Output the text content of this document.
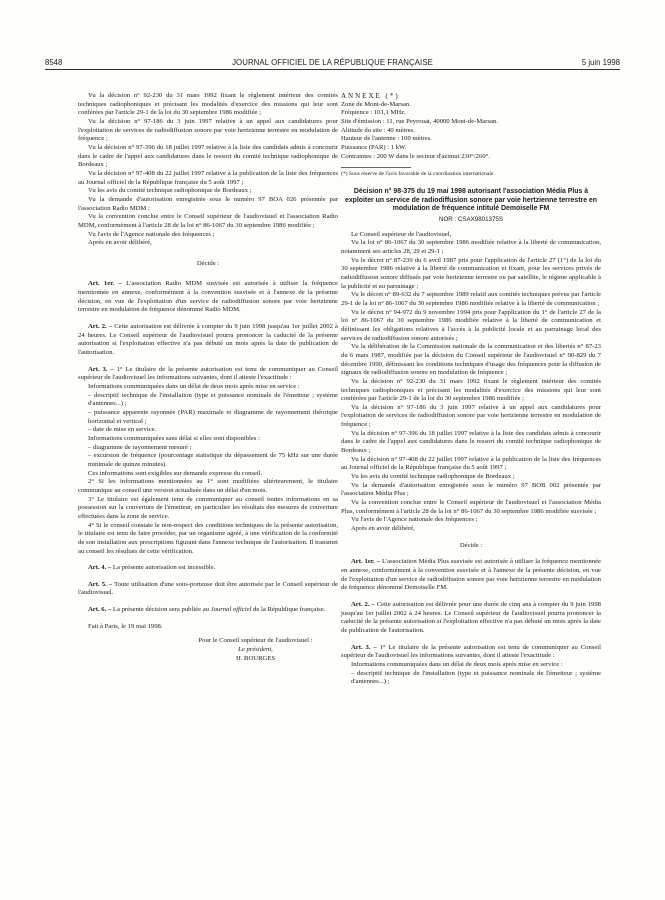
8548	JOURNAL OFFICIEL DE LA RÉPUBLIQUE FRANÇAISE	5 juin 1998

Vu la décision n° 92-230 du 31 mars 1992 fixant le règlement intérieur des comités techniques radiophoniques et précisant les modalités d'exercice des missions qui leur sont conférées par l'article 29-1 de la loi du 30 septembre 1986 modifiée ;

Vu la décision n° 97-186 du 3 juin 1997 relative à un appel aux candidatures pour l'exploitation de services de radiodiffusion sonore par voie hertzienne terrestre en modulation de fréquence ;

Vu la décision n° 97-396 du 18 juillet 1997 relative à la liste des candidats admis à concourir dans le cadre de l'appel aux candidatures dans le ressort du comité technique radiophonique de Bordeaux ;

Vu la décision n° 97-408 du 22 juillet 1997 relative à la publication de la liste des fréquences au Journal officiel de la République française du 5 août 1997 ;

Vu les avis du comité technique radiophonique de Bordeaux ;

Vu la demande d'autorisation enregistrée sous le numéro 97 BOA 026 présentée par l'association Radio MDM ;

Vu la convention conclue entre le Conseil supérieur de l'audiovisuel et l'association Radio MDM, conformément à l'article 28 de la loi n° 86-1067 du 30 septembre 1986 modifiée ;

Vu l'avis de l'Agence nationale des fréquences ;

Après en avoir délibéré,

Décide :

Art. 1er. – L'association Radio MDM susvisée est autorisée à utiliser la fréquence mentionnée en annexe, conformément à la convention susvisée et à l'annexe de la présente décision, en vue de l'exploitation d'un service de radiodiffusion sonore par voie hertzienne terrestre en modulation de fréquence dénommé Radio MDM.

Art. 2. – Cette autorisation est délivrée à compter du 9 juin 1998 jusqu'au 1er juillet 2002 à 24 heures. Le Conseil supérieur de l'audiovisuel pourra prononcer la caducité de la présente autorisation si l'exploitation effective n'a pas débuté un mois après la date de publication de l'autorisation.

Art. 3. – 1° Le titulaire de la présente autorisation est tenu de communiquer au Conseil supérieur de l'audiovisuel les informations suivantes, dont il atteste l'exactitude :

Informations communiquées dans un délai de deux mois après mise en service :

– descriptif technique de l'installation (type et puissance nominale de l'émetteur ; système d'antennes...) ;

– puissance apparente rayonnée (PAR) maximale et diagramme de rayonnement théorique horizontal et vertical ;

– date de mise en service.

Informations communiquées sans délai si elles sont disponibles :

– diagramme de rayonnement mesuré ;

– excursion de fréquence (pourcentage statistique du dépassement de 75 kHz sur une durée minimale de quinze minutes).

Ces informations sont exigibles sur demande expresse du conseil.

2° Si les informations mentionnées au 1° sont modifiées ultérieurement, le titulaire communique au conseil une version actualisée dans un délai d'un mois.

3° Le titulaire est également tenu de communiquer au conseil toutes informations en sa possession sur la couverture de l'émetteur, en particulier les résultats des mesures de couverture effectuées dans la zone de service.

4° Si le conseil constate le non-respect des conditions techniques de la présente autorisation, le titulaire est tenu de faire procéder, par un organisme agréé, à une vérification de la conformité de son installation aux prescriptions figurant dans l'annexe technique de l'autorisation. Il transmet au conseil les résultats de cette vérification.

Art. 4. – La présente autorisation est incessible.

Art. 5. – Toute utilisation d'une sous-porteuse doit être autorisée par le Conseil supérieur de l'audiovisuel.

Art. 6. – La présente décision sera publiée au Journal officiel de la République française.

Fait à Paris, le 19 mai 1998.

Pour le Conseil supérieur de l'audiovisuel :

Le président,

H. BOURGES

ANNEXE (*)

Zone de Mont-de-Marsan.

Fréquence : 101,1 MHz.

Site d'émission : 11, rue Peyrouat, 40000 Mont-de-Marsan.

Altitude du site : 40 mètres.

Hauteur de l'antenne : 100 mètres.

Puissance (PAR) : 1 kW.

Contraintes : 200 W dans le secteur d'azimut 230°/260°.

(*) Sous réserve de l'avis favorable de la coordination internationale.
Décision n° 98-375 du 19 mai 1998 autorisant l'association Média Plus à exploiter un service de radiodiffusion sonore par voie hertzienne terrestre en modulation de fréquence intitulé Demoiselle FM
NOR : CSAX9801375S

Le Conseil supérieur de l'audiovisuel,

Vu la loi n° 86-1067 du 30 septembre 1986 modifiée relative à la liberté de communication, notamment ses articles 28, 29 et 29-1 ;

Vu le décret n° 87-239 du 6 avril 1987 pris pour l'application de l'article 27 (1°) de la loi du 30 septembre 1986 relative à la liberté de communication et fixant, pour les services privés de radiodiffusion sonore diffusés par voie hertzienne terrestre ou par satellite, le régime applicable à la publicité et au parrainage ;

Vu le décret n° 89-632 du 7 septembre 1989 relatif aux comités techniques prévus par l'article 29-1 de la loi n° 86-1067 du 30 septembre 1986 modifiée relative à la liberté de communication ;

Vu le décret n° 94-972 du 9 novembre 1994 pris pour l'application du 1° de l'article 27 de la loi n° 86-1067 du 30 septembre 1986 modifiée relative à la liberté de communication et définissant les obligations relatives à l'accès à la publicité locale et au parrainage local des services de radiodiffusion sonore autorisés ;

Vu la délibération de la Commission nationale de la communication et des libertés n° 87-23 du 6 mars 1987, modifiée par la décision du Conseil supérieur de l'audiovisuel n° 90-829 du 7 décembre 1990, définissant les conditions techniques d'usage des fréquences pour la diffusion de signaux de radiodiffusion sonore en modulation de fréquence ;

Vu la décision n° 92-230 du 31 mars 1992 fixant le règlement intérieur des comités techniques radiophoniques et précisant les modalités d'exercice des missions qui leur sont conférées par l'article 29-1 de la loi du 30 septembre 1986 modifiée ;

Vu la décision n° 97-186 du 3 juin 1997 relative à un appel aux candidatures pour l'exploitation de services de radiodiffusion sonore par voie hertzienne terrestre en modulation de fréquence ;

Vu la décision n° 97-396 du 18 juillet 1997 relative à la liste des candidats admis à concourir dans le cadre de l'appel aux candidatures dans le ressort du comité technique radiophonique de Bordeaux ;

Vu la décision n° 97-408 du 22 juillet 1997 relative à la publication de la liste des fréquences au Journal officiel de la République française du 5 août 1997 ;

Vu les avis du comité technique radiophonique de Bordeaux ;

Vu la demande d'autorisation enregistrée sous le numéro 97 BOB 002 présentée par l'association Média Plus ;

Vu la convention conclue entre le Conseil supérieur de l'audiovisuel et l'association Média Plus, conformément à l'article 28 de la loi n° 86-1067 du 30 septembre 1986 modifiée susvisée ;

Vu l'avis de l'Agence nationale des fréquences ;

Après en avoir délibéré,

Décide :

Art. 1er. – L'association Média Plus susvisée est autorisée à utiliser la fréquence mentionnée en annexe, conformément à la convention susvisée et à l'annexe de la présente décision, en vue de l'exploitation d'un service de radiodiffusion sonore par voie hertzienne terrestre en modulation de fréquence dénommé Demoiselle FM.

Art. 2. – Cette autorisation est délivrée pour une durée de cinq ans à compter du 9 juin 1998 jusqu'au 1er juillet 2002 à 24 heures. Le Conseil supérieur de l'audiovisuel pourra prononcer la caducité de la présente autorisation si l'exploitation effective n'a pas débuté un mois après la date de publication de l'autorisation.

Art. 3. – 1° Le titulaire de la présente autorisation est tenu de communiquer au Conseil supérieur de l'audiovisuel les informations suivantes, dont il atteste l'exactitude :

Informations communiquées dans un délai de deux mois après mise en service :

– descriptif technique de l'installation (type et puissance nominale de l'émetteur ; système d'antennes...) ;
